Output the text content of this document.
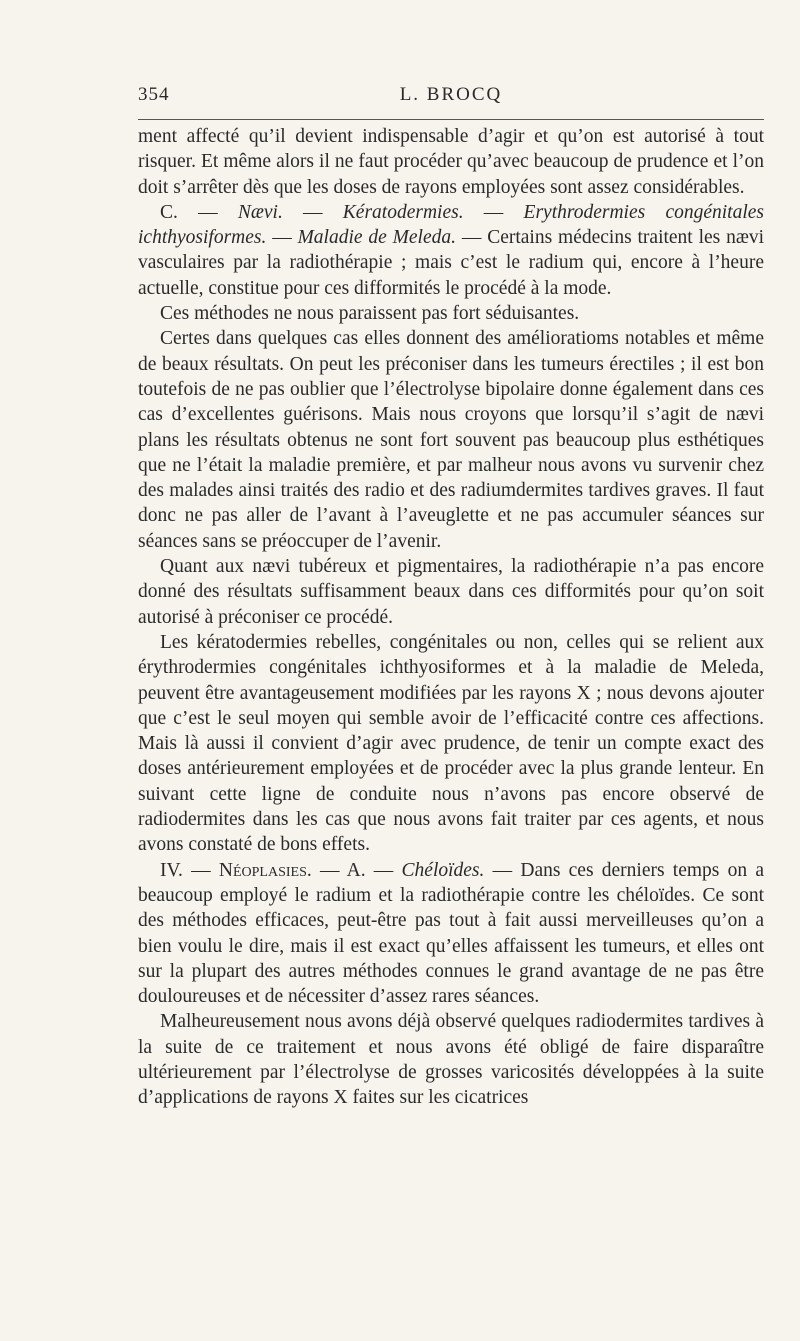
354	L. BROCQ

ment affecté qu’il devient indispensable d’agir et qu’on est autorisé à tout risquer. Et même alors il ne faut procéder qu’avec beaucoup de prudence et l’on doit s’arrêter dès que les doses de rayons employées sont assez considérables.

C. — Nævi. — Kératodermies. — Erythrodermies congénitales ichthyosiformes. — Maladie de Meleda. — Certains médecins traitent les nævi vasculaires par la radiothérapie ; mais c’est le radium qui, encore à l’heure actuelle, constitue pour ces difformités le procédé à la mode.

Ces méthodes ne nous paraissent pas fort séduisantes.

Certes dans quelques cas elles donnent des amélioratioms notables et même de beaux résultats. On peut les préconiser dans les tumeurs érectiles ; il est bon toutefois de ne pas oublier que l’électrolyse bipolaire donne également dans ces cas d’excellentes guérisons. Mais nous croyons que lorsqu’il s’agit de nævi plans les résultats obtenus ne sont fort souvent pas beaucoup plus esthétiques que ne l’était la maladie première, et par malheur nous avons vu survenir chez des malades ainsi traités des radio et des radiumdermites tardives graves. Il faut donc ne pas aller de l’avant à l’aveuglette et ne pas accumuler séances sur séances sans se préoccuper de l’avenir.

Quant aux nævi tubéreux et pigmentaires, la radiothérapie n’a pas encore donné des résultats suffisamment beaux dans ces difformités pour qu’on soit autorisé à préconiser ce procédé.

Les kératodermies rebelles, congénitales ou non, celles qui se relient aux érythrodermies congénitales ichthyosiformes et à la maladie de Meleda, peuvent être avantageusement modifiées par les rayons X ; nous devons ajouter que c’est le seul moyen qui semble avoir de l’efficacité contre ces affections. Mais là aussi il convient d’agir avec prudence, de tenir un compte exact des doses antérieurement employées et de procéder avec la plus grande lenteur. En suivant cette ligne de conduite nous n’avons pas encore observé de radiodermites dans les cas que nous avons fait traiter par ces agents, et nous avons constaté de bons effets.

IV. — Néoplasies. — A. — Chéloïdes. — Dans ces derniers temps on a beaucoup employé le radium et la radiothérapie contre les chéloïdes. Ce sont des méthodes efficaces, peut-être pas tout à fait aussi merveilleuses qu’on a bien voulu le dire, mais il est exact qu’elles affaissent les tumeurs, et elles ont sur la plupart des autres méthodes connues le grand avantage de ne pas être douloureuses et de nécessiter d’assez rares séances.

Malheureusement nous avons déjà observé quelques radiodermites tardives à la suite de ce traitement et nous avons été obligé de faire disparaître ultérieurement par l’électrolyse de grosses varicosités développées à la suite d’applications de rayons X faites sur les cicatrices
